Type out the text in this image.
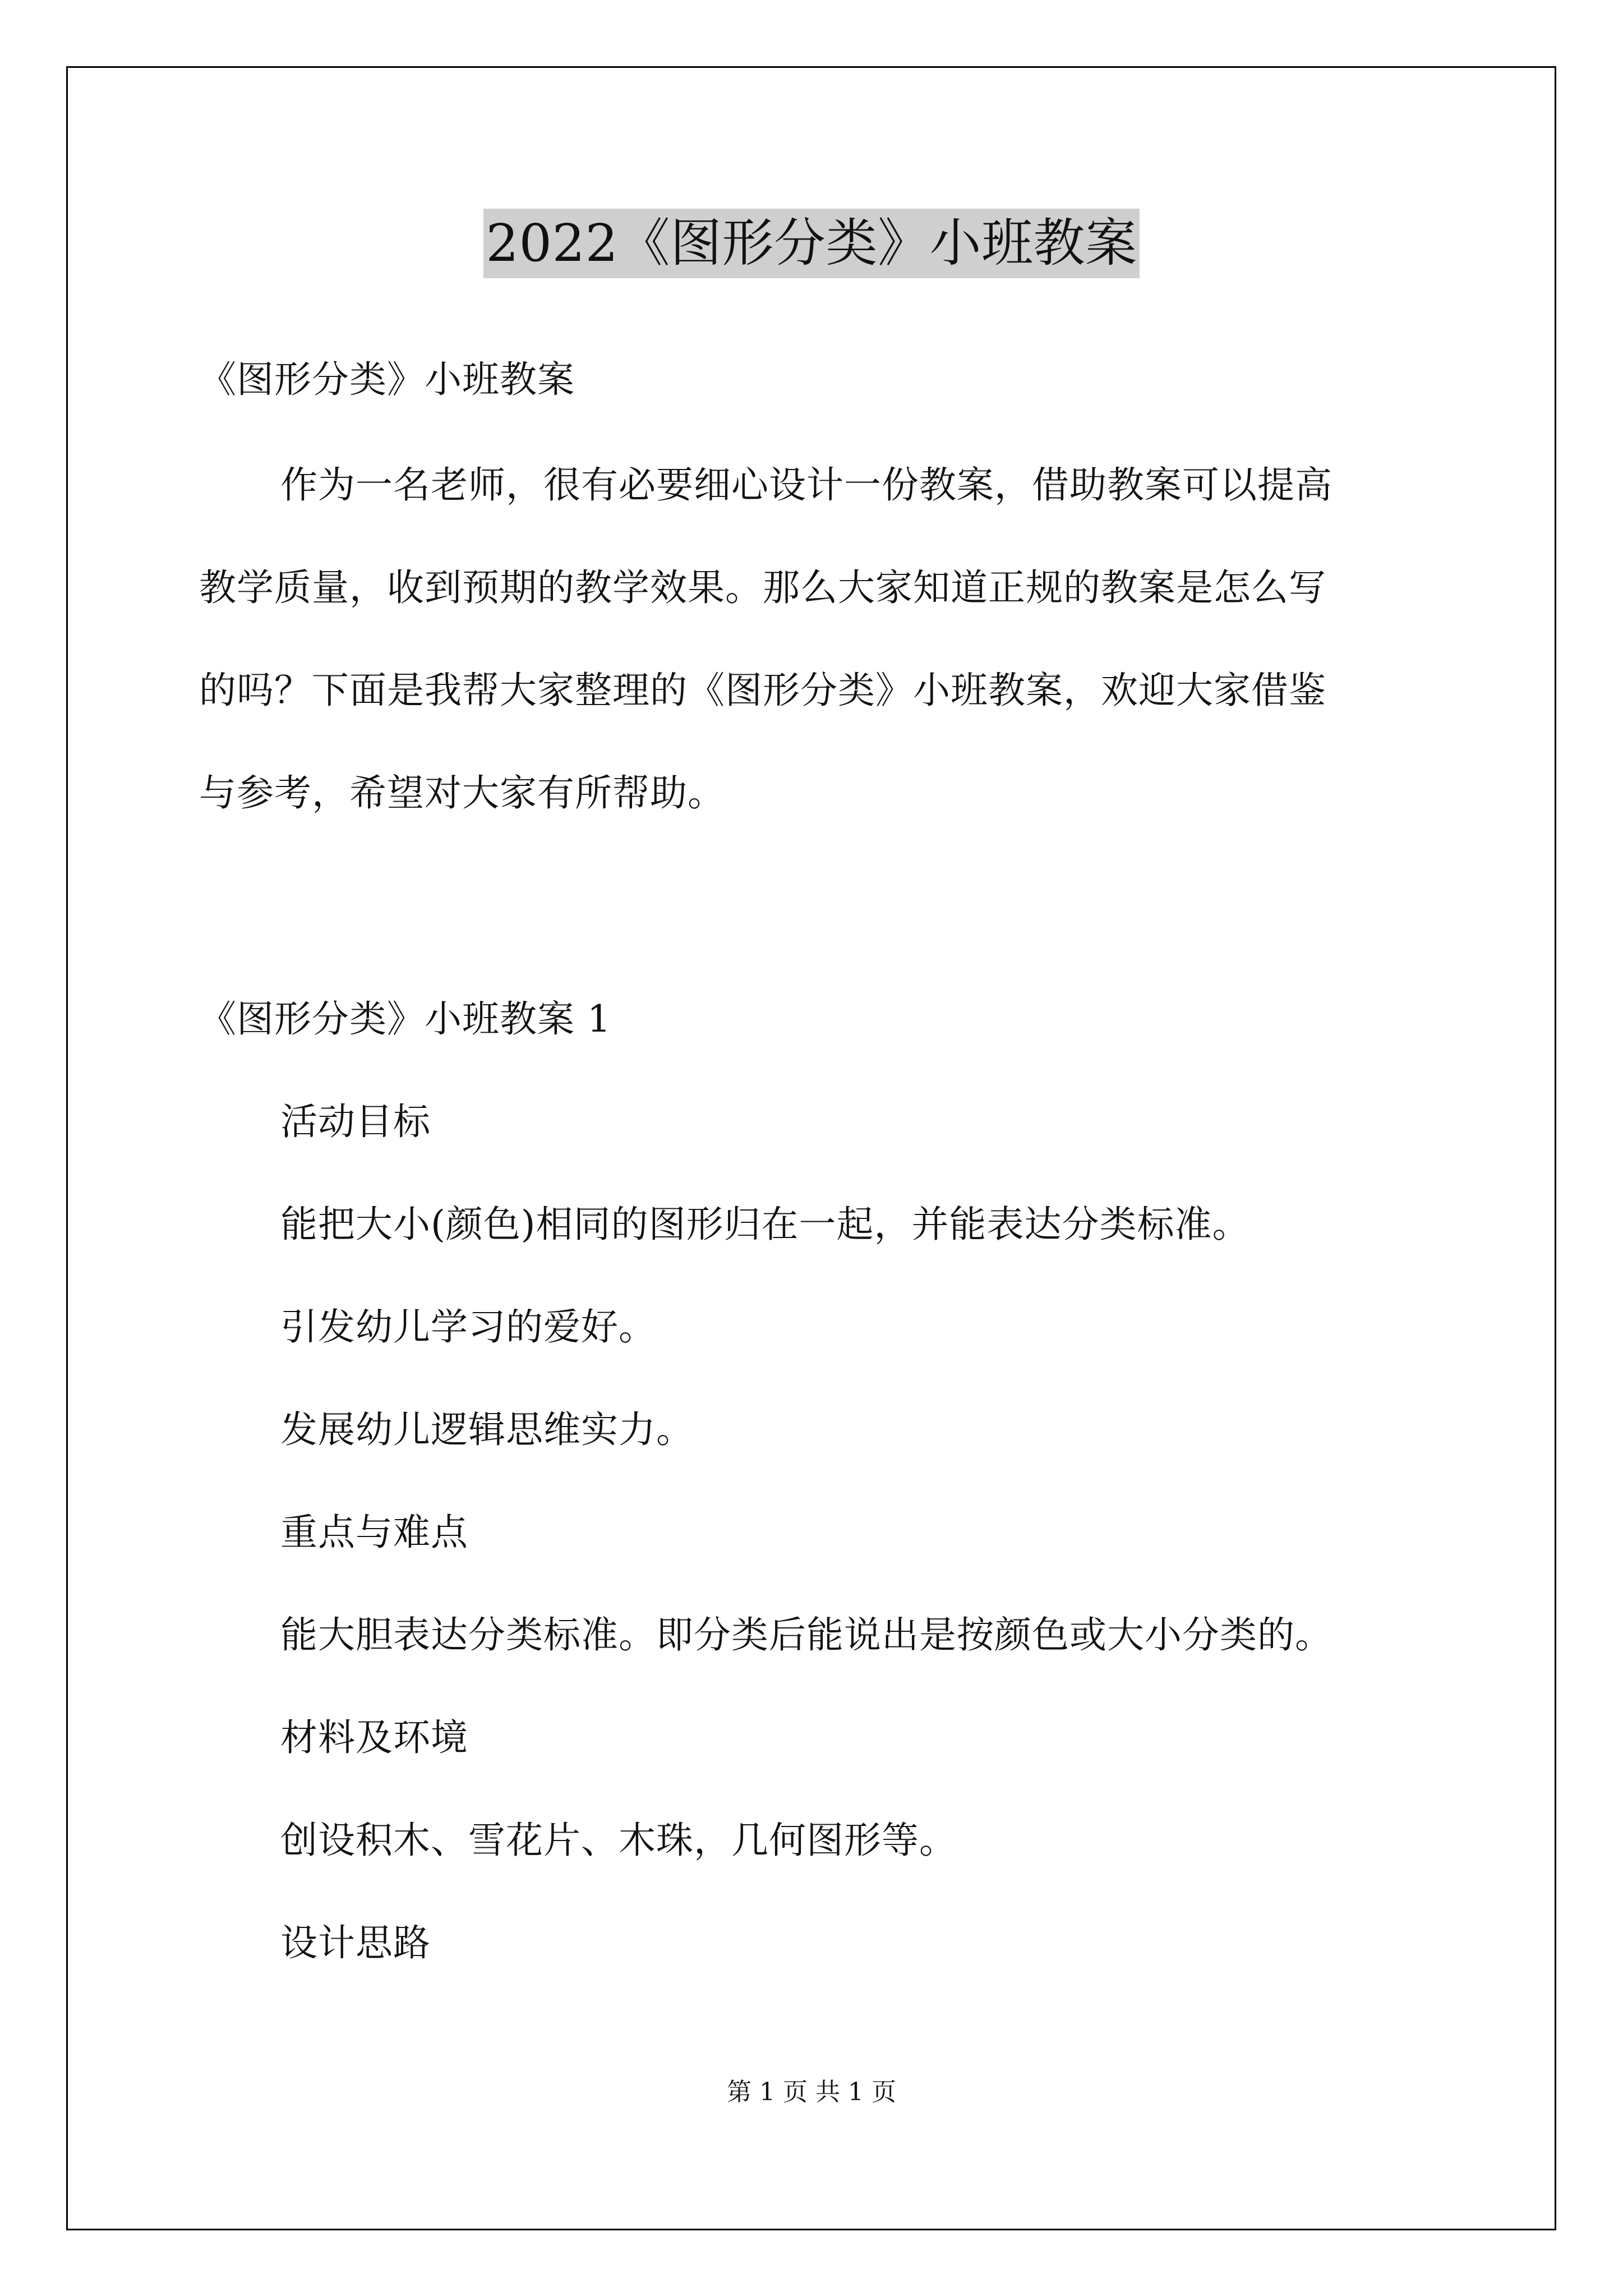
2022《图形分类》小班教案
《图形分类》小班教案
作为一名老师，很有必要细心设计一份教案，借助教案可以提高
教学质量，收到预期的教学效果。那么大家知道正规的教案是怎么写
的吗？下面是我帮大家整理的《图形分类》小班教案，欢迎大家借鉴
与参考，希望对大家有所帮助。
《图形分类》小班教案 1
活动目标
能把大小(颜色)相同的图形归在一起，并能表达分类标准。
引发幼儿学习的爱好。
发展幼儿逻辑思维实力。
重点与难点
能大胆表达分类标准。即分类后能说出是按颜色或大小分类的。
材料及环境
创设积木、雪花片、木珠，几何图形等。
设计思路
第 1 页 共 1 页
